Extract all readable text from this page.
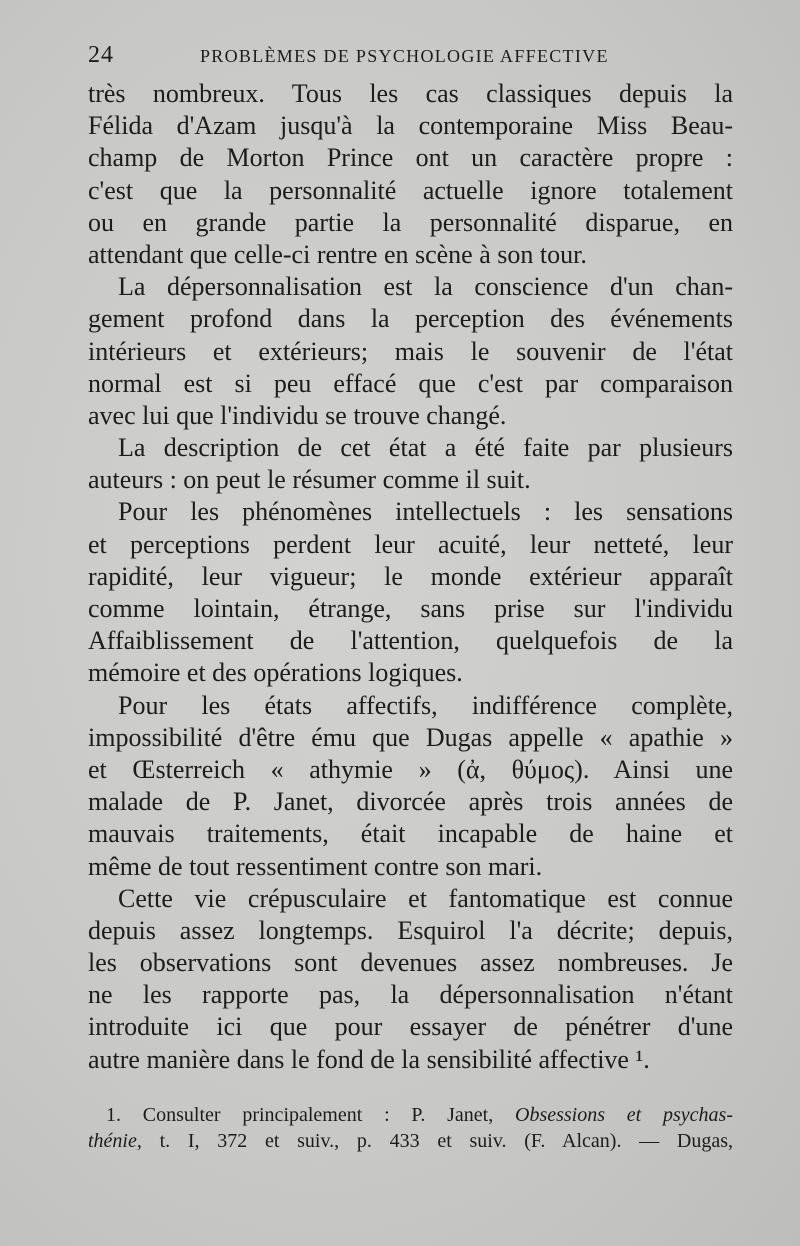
24	PROBLÈMES DE PSYCHOLOGIE AFFECTIVE
très nombreux. Tous les cas classiques depuis la
Félida d'Azam jusqu'à la contemporaine Miss Beau-
champ de Morton Prince ont un caractère propre :
c'est que la personnalité actuelle ignore totalement
ou en grande partie la personnalité disparue, en
attendant que celle-ci rentre en scène à son tour.
La dépersonnalisation est la conscience d'un chan-
gement profond dans la perception des événements
intérieurs et extérieurs; mais le souvenir de l'état
normal est si peu effacé que c'est par comparaison
avec lui que l'individu se trouve changé.
La description de cet état a été faite par plusieurs
auteurs : on peut le résumer comme il suit.
Pour les phénomènes intellectuels : les sensations
et perceptions perdent leur acuité, leur netteté, leur
rapidité, leur vigueur; le monde extérieur apparaît
comme lointain, étrange, sans prise sur l'individu
Affaiblissement de l'attention, quelquefois de la
mémoire et des opérations logiques.
Pour les états affectifs, indifférence complète,
impossibilité d'être ému que Dugas appelle « apathie »
et Œsterreich « athymie » (ἀ, θύμος). Ainsi une
malade de P. Janet, divorcée après trois années de
mauvais traitements, était incapable de haine et
même de tout ressentiment contre son mari.
Cette vie crépusculaire et fantomatique est connue
depuis assez longtemps. Esquirol l'a décrite; depuis,
les observations sont devenues assez nombreuses. Je
ne les rapporte pas, la dépersonnalisation n'étant
introduite ici que pour essayer de pénétrer d'une
autre manière dans le fond de la sensibilité affective ¹.
1. Consulter principalement : P. Janet, Obsessions et psychas-
thénie, t. I, 372 et suiv., p. 433 et suiv. (F. Alcan). — Dugas,
